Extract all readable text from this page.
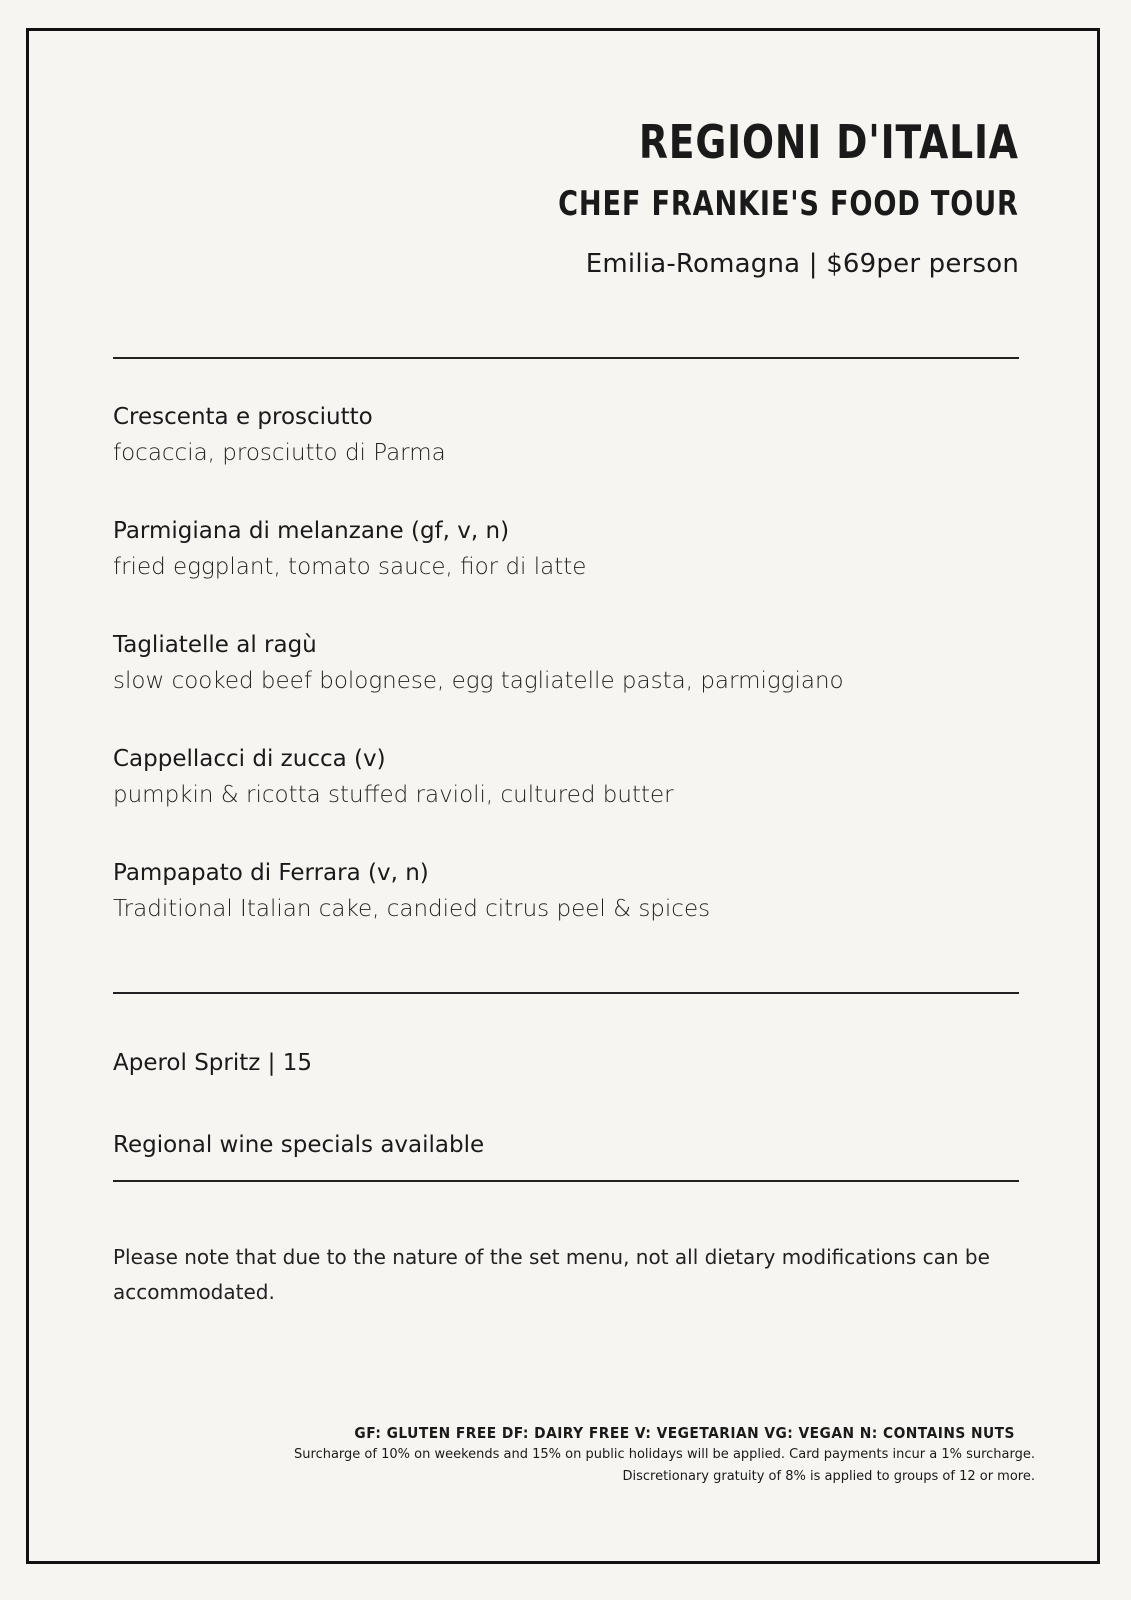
REGIONI D'ITALIA
CHEF FRANKIE'S FOOD TOUR
Emilia-Romagna | $69per person
Crescenta e prosciutto
focaccia, prosciutto di Parma
Parmigiana di melanzane (gf, v, n)
fried eggplant, tomato sauce, fior di latte
Tagliatelle al ragù
slow cooked beef bolognese, egg tagliatelle pasta, parmiggiano
Cappellacci di zucca (v)
pumpkin & ricotta stuffed ravioli, cultured butter
Pampapato di Ferrara (v, n)
Traditional Italian cake, candied citrus peel & spices
Aperol Spritz | 15
Regional wine specials available
Please note that due to the nature of the set menu, not all dietary modifications can be accommodated.
GF: GLUTEN FREE DF: DAIRY FREE V: VEGETARIAN VG: VEGAN N: CONTAINS NUTS
Surcharge of 10% on weekends and 15% on public holidays will be applied. Card payments incur a 1% surcharge.
Discretionary gratuity of 8% is applied to groups of 12 or more.
